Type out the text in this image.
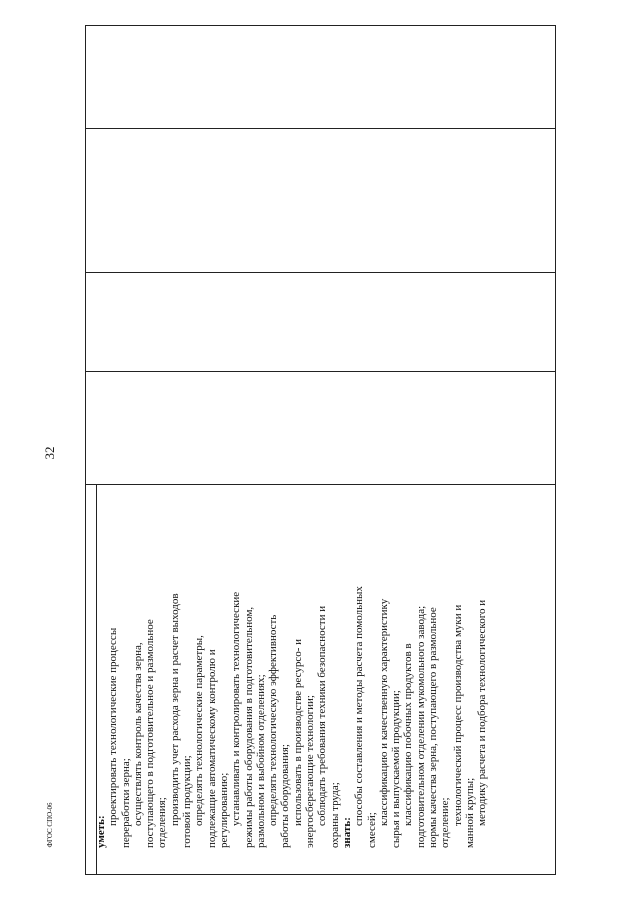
32
уметь:
проектировать технологические процессы переработки зерна; осуществлять контроль качества зерна, поступающего в подготовительное и размольное отделения; производить учет расхода зерна и расчет выходов готовой продукции; определять технологические параметры, подлежащие автоматическому контролю и регулированию; устанавливать и контролировать технологические режимы работы оборудования в подготовительном, размольном и выбойном отделениях; определять технологическую эффективность работы оборудования; использовать в производстве ресурсо- и энергосберегающие технологии; соблюдать требования техники безопасности и охраны труда; знать:
способы составления и методы расчета помольных
смесей;
классификацию и качественную характеристику сырья и выпускаемой продукции; классификацию побочных продуктов в подготовительном отделении мукомольного завода; нормы качества зерна, поступающего в размольное отделение; технологический процесс производства муки и манной крупы; методику расчета и подбора технологического и
ФГОС СПО-06
